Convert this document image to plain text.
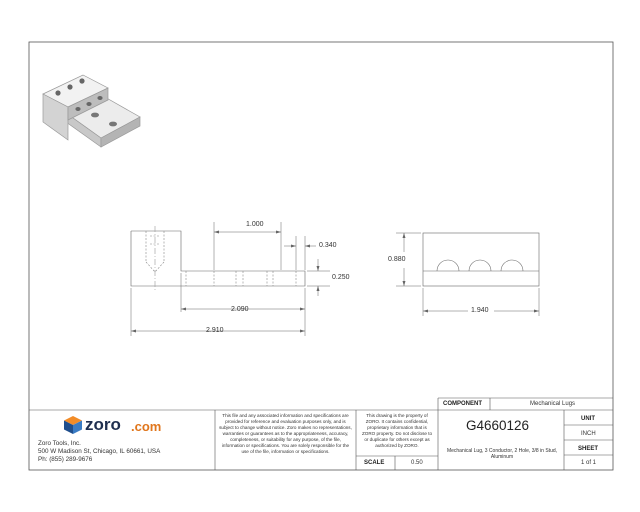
1.000
0.340
0.250
2.090
2.910
0.880
1.940
zoro .com
Zoro Tools, Inc.
500 W Madison St, Chicago, IL 60661, USA
Ph: (855) 289-9676
This file and any associated information and specifications are provided for reference and evaluation purposes only, and is subject to change without notice. Zoro makes no representations, warranties or guarantees as to the appropriateness, accuracy, completeness, or suitability for any purpose, of the file, information or specifications. You are solely responsible for the use of the file, information or specifications.
This drawing is the property of ZORO. It contains confidential, proprietary information that is ZORO property. Do not disclose to or duplicate for others except as authorized by ZORO.
SCALE	0.50
COMPONENT	Mechanical Lugs
G4660126
Mechanical Lug, 3 Conductor, 2 Hole, 3/8 in Stud, Aluminum
UNIT
INCH
SHEET
1 of 1
